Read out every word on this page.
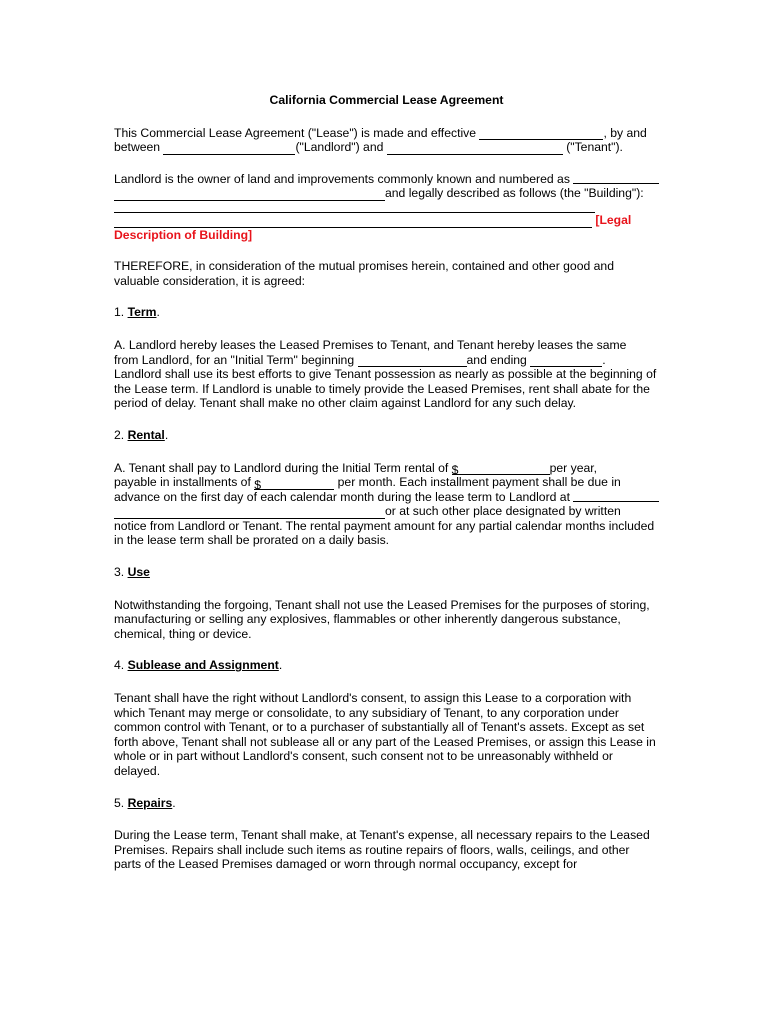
California Commercial Lease Agreement

This Commercial Lease Agreement ("Lease") is made and effective
	, by and
between
	("Landlord") and

	("Tenant").
Landlord is the owner of land and improvements commonly known and numbered as

and legally described as follows (the "Building"):

[Legal
Description of Building]

THEREFORE, in consideration of the mutual promises herein, contained and other good and valuable consideration, it is agreed:

1. Term.

A. Landlord hereby leases the Leased Premises to Tenant, and Tenant hereby leases the same
from Landlord, for an "Initial Term" beginning
	and ending
	.
Landlord shall use its best efforts to give Tenant possession as nearly as possible at the beginning of the Lease term. If Landlord is unable to timely provide the Leased Premises, rent shall abate for the period of delay. Tenant shall make no other claim against Landlord for any such delay.

2. Rental.

A. Tenant shall pay to Landlord during the Initial Term rental of
$	per year,
payable in installments of
$
	per month. Each installment payment shall be due in
advance on the first day of each calendar month during the lease term to Landlord at

or at such other place designated by written
notice from Landlord or Tenant. The rental payment amount for any partial calendar months included in the lease term shall be prorated on a daily basis.

3. Use

Notwithstanding the forgoing, Tenant shall not use the Leased Premises for the purposes of storing, manufacturing or selling any explosives, flammables or other inherently dangerous substance, chemical, thing or device.

4. Sublease and Assignment.

Tenant shall have the right without Landlord's consent, to assign this Lease to a corporation with which Tenant may merge or consolidate, to any subsidiary of Tenant, to any corporation under common control with Tenant, or to a purchaser of substantially all of Tenant's assets. Except as set forth above, Tenant shall not sublease all or any part of the Leased Premises, or assign this Lease in whole or in part without Landlord's consent, such consent not to be unreasonably withheld or delayed.

5. Repairs.

During the Lease term, Tenant shall make, at Tenant's expense, all necessary repairs to the Leased Premises. Repairs shall include such items as routine repairs of floors, walls, ceilings, and other parts of the Leased Premises damaged or worn through normal occupancy, except for
